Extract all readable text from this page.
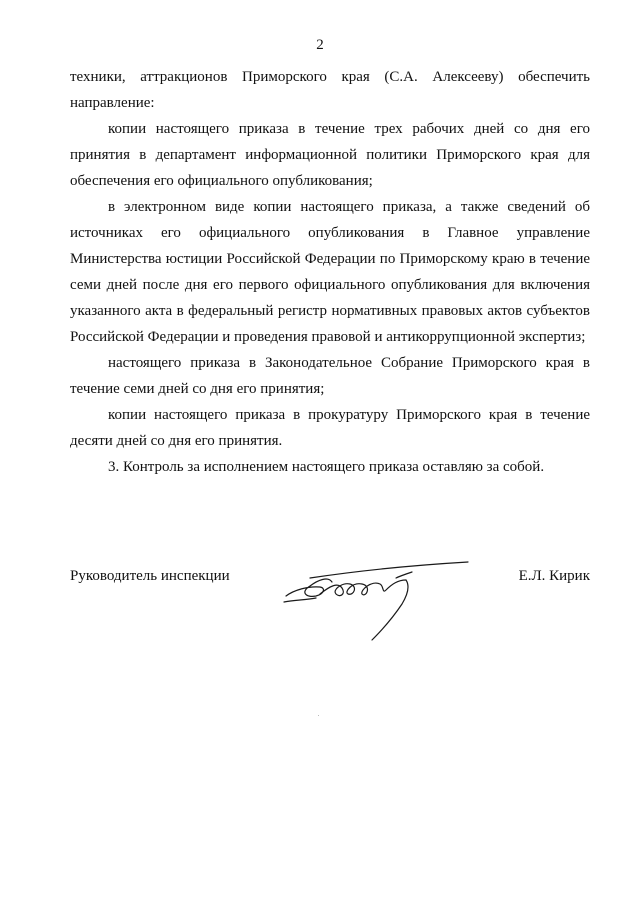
2

техники, аттракционов Приморского края (С.А. Алексееву) обеспечить направление:

копии настоящего приказа в течение трех рабочих дней со дня его принятия в департамент информационной политики Приморского края для обеспечения его официального опубликования;

в электронном виде копии настоящего приказа, а также сведений об источниках его официального опубликования в Главное управление Министерства юстиции Российской Федерации по Приморскому краю в течение семи дней после дня его первого официального опубликования для включения указанного акта в федеральный регистр нормативных правовых актов субъектов Российской Федерации и проведения правовой и антикоррупционной экспертиз;

настоящего приказа в Законодательное Собрание Приморского края в течение семи дней со дня его принятия;

копии настоящего приказа в прокуратуру Приморского края в течение десяти дней со дня его принятия.

3. Контроль за исполнением настоящего приказа оставляю за собой.

Руководитель инспекции	Е.Л. Кирик
